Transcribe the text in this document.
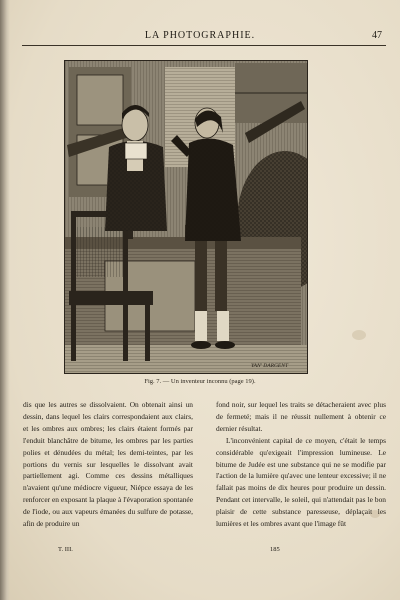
LA PHOTOGRAPHIE.	47
YAN' DARGENT
Fig. 7. — Un inventeur inconnu (page 19).

dis que les autres se dissolvaient. On obtenait ainsi un dessin, dans lequel les clairs correspondaient aux clairs, et les ombres aux ombres; les clairs étaient formés par l'enduit blanchâtre de bitume, les ombres par les parties polies et dénudées du métal; les demi-teintes, par les portions du vernis sur lesquelles le dissolvant avait partiellement agi. Comme ces dessins métalliques n'avaient qu'une médiocre vigueur, Niépce essaya de les renforcer en exposant la plaque à l'évaporation spontanée de l'iode, ou aux vapeurs émanées du sulfure de potasse, afin de produire un

fond noir, sur lequel les traits se détacheraient avec plus de fermeté; mais il ne réussit nullement à obtenir ce dernier résultat.

L'inconvénient capital de ce moyen, c'était le temps considérable qu'exigeait l'impression lumineuse. Le bitume de Judée est une substance qui ne se modifie par l'action de la lumière qu'avec une lenteur excessive; il ne fallait pas moins de dix heures pour produire un dessin. Pendant cet intervalle, le soleil, qui n'attendait pas le bon plaisir de cette substance paresseuse, déplaçait les lumières et les ombres avant que l'image fût

T. III.	185
